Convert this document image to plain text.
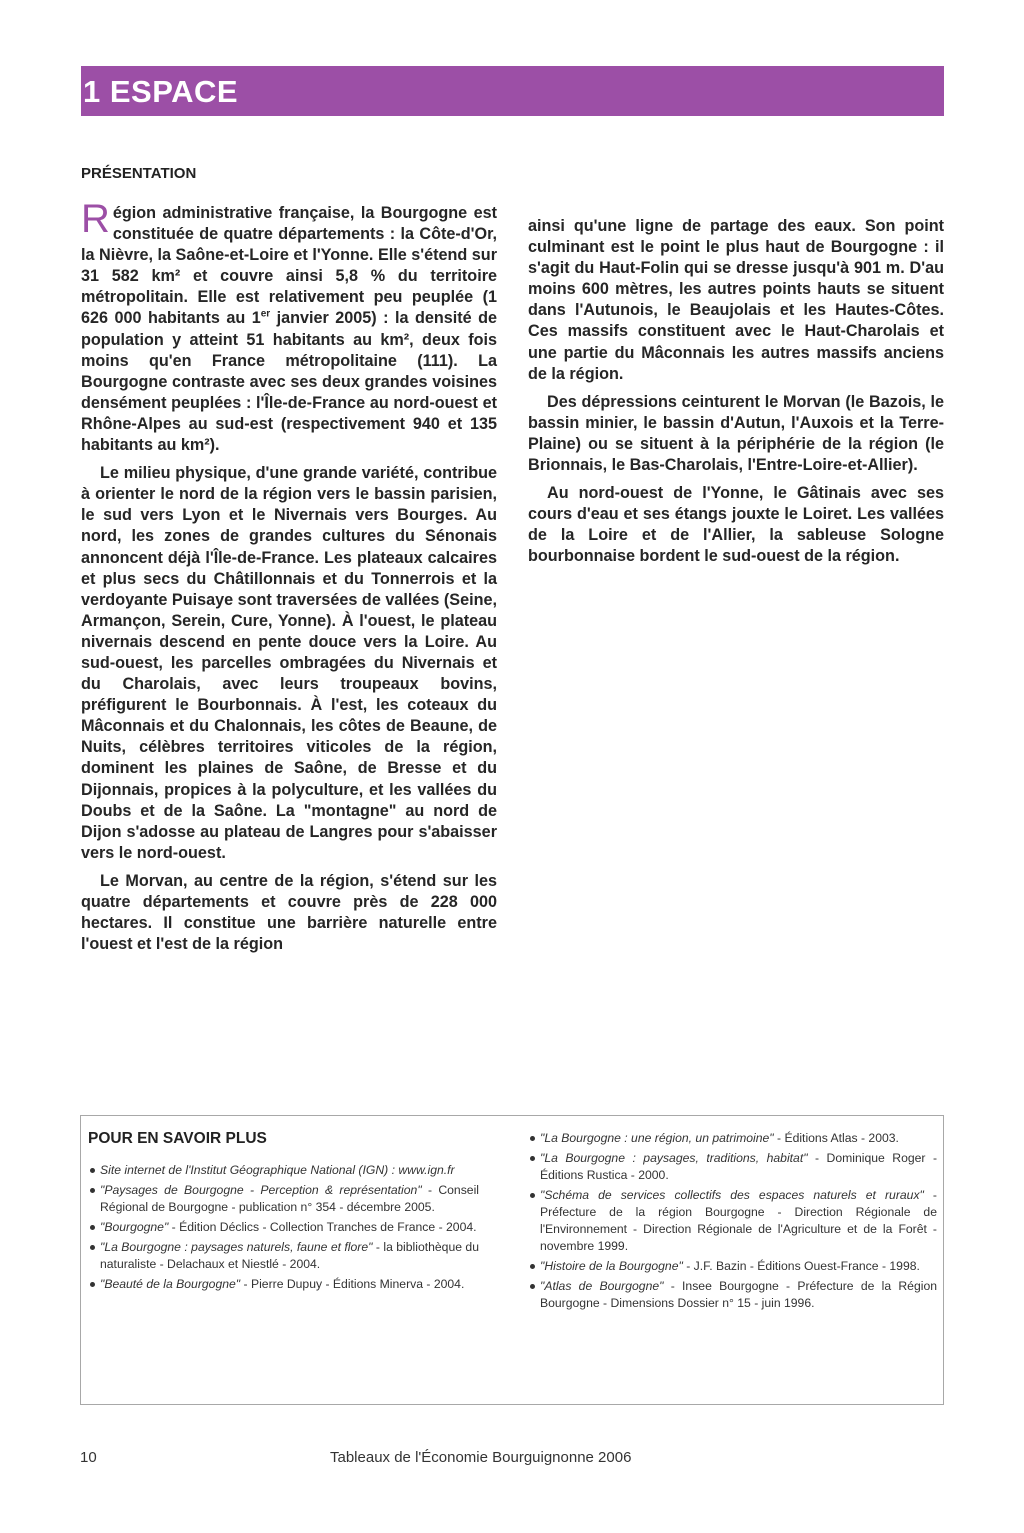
1 ESPACE
PRÉSENTATION

Région administrative française, la Bourgogne est constituée de quatre départements : la Côte-d'Or, la Nièvre, la Saône-et-Loire et l'Yonne. Elle s'étend sur 31 582 km² et couvre ainsi 5,8 % du territoire métropolitain. Elle est relativement peu peuplée (1 626 000 habitants au 1er janvier 2005) : la densité de population y atteint 51 habitants au km², deux fois moins qu'en France métropolitaine (111). La Bourgogne contraste avec ses deux grandes voisines densément peuplées : l'Île-de-France au nord-ouest et Rhône-Alpes au sud-est (respectivement 940 et 135 habitants au km²).

Le milieu physique, d'une grande variété, contribue à orienter le nord de la région vers le bassin parisien, le sud vers Lyon et le Nivernais vers Bourges. Au nord, les zones de grandes cultures du Sénonais annoncent déjà l'Île-de-France. Les plateaux calcaires et plus secs du Châtillonnais et du Tonnerrois et la verdoyante Puisaye sont traversées de vallées (Seine, Armançon, Serein, Cure, Yonne). À l'ouest, le plateau nivernais descend en pente douce vers la Loire. Au sud-ouest, les parcelles ombragées du Nivernais et du Charolais, avec leurs troupeaux bovins, préfigurent le Bourbonnais. À l'est, les coteaux du Mâconnais et du Chalonnais, les côtes de Beaune, de Nuits, célèbres territoires viticoles de la région, dominent les plaines de Saône, de Bresse et du Dijonnais, propices à la polyculture, et les vallées du Doubs et de la Saône. La "montagne" au nord de Dijon s'adosse au plateau de Langres pour s'abaisser vers le nord-ouest.

Le Morvan, au centre de la région, s'étend sur les quatre départements et couvre près de 228 000 hectares. Il constitue une barrière naturelle entre l'ouest et l'est de la région

ainsi qu'une ligne de partage des eaux. Son point culminant est le point le plus haut de Bourgogne : il s'agit du Haut-Folin qui se dresse jusqu'à 901 m. D'au moins 600 mètres, les autres points hauts se situent dans l'Autunois, le Beaujolais et les Hautes-Côtes. Ces massifs constituent avec le Haut-Charolais et une partie du Mâconnais les autres massifs anciens de la région.

Des dépressions ceinturent le Morvan (le Bazois, le bassin minier, le bassin d'Autun, l'Auxois et la Terre-Plaine) ou se situent à la périphérie de la région (le Brionnais, le Bas-Charolais, l'Entre-Loire-et-Allier).

Au nord-ouest de l'Yonne, le Gâtinais avec ses cours d'eau et ses étangs jouxte le Loiret. Les vallées de la Loire et de l'Allier, la sableuse Sologne bourbonnaise bordent le sud-ouest de la région.

POUR EN SAVOIR PLUS
Site internet de l'Institut Géographique National (IGN) : www.ign.fr
"Paysages de Bourgogne - Perception & représentation" - Conseil Régional de Bourgogne - publication n° 354 - décembre 2005.
"Bourgogne" - Édition Déclics - Collection Tranches de France - 2004.
"La Bourgogne : paysages naturels, faune et flore" - la bibliothèque du naturaliste - Delachaux et Niestlé - 2004.
"Beauté de la Bourgogne" - Pierre Dupuy - Éditions Minerva - 2004.
"La Bourgogne : une région, un patrimoine" - Éditions Atlas - 2003.
"La Bourgogne : paysages, traditions, habitat" - Dominique Roger - Éditions Rustica - 2000.
"Schéma de services collectifs des espaces naturels et ruraux" - Préfecture de la région Bourgogne - Direction Régionale de l'Environnement - Direction Régionale de l'Agriculture et de la Forêt - novembre 1999.
"Histoire de la Bourgogne" - J.F. Bazin - Éditions Ouest-France - 1998.
"Atlas de Bourgogne" - Insee Bourgogne - Préfecture de la Région Bourgogne - Dimensions Dossier n° 15 - juin 1996.
10	Tableaux de l'Économie Bourguignonne 2006
